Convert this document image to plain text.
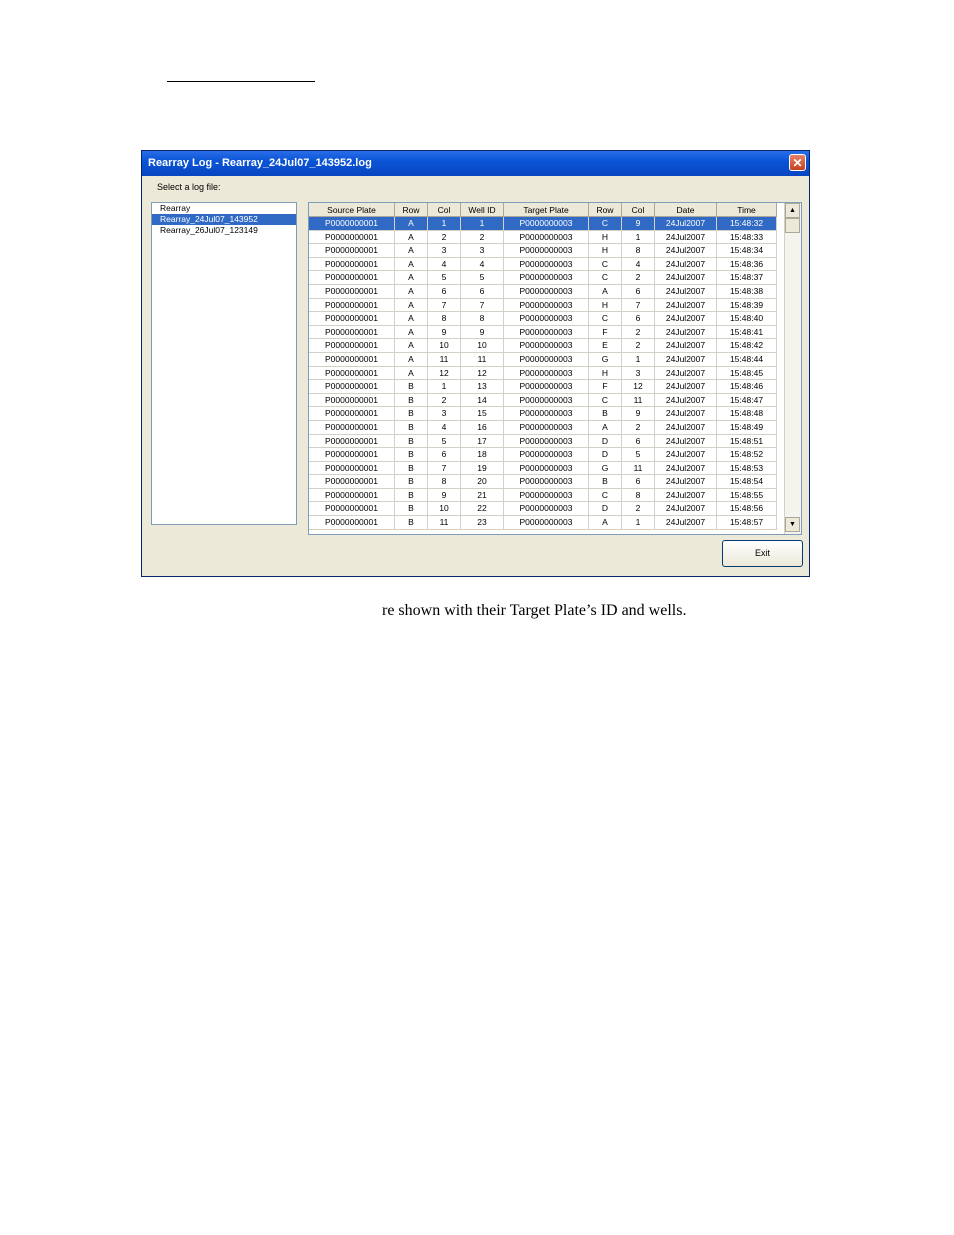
Rearray Log - Rearray_24Jul07_143952.log	✕
Select a log file:
Rearray
Rearray_24Jul07_143952
Rearray_26Jul07_123149
Source Plate	Row	Col	Well ID	Target Plate	Row	Col	Date	Time
P0000000001	A	1	1	P0000000003	C	9	24Jul2007	15:48:32
P0000000001	A	2	2	P0000000003	H	1	24Jul2007	15:48:33
P0000000001	A	3	3	P0000000003	H	8	24Jul2007	15:48:34
P0000000001	A	4	4	P0000000003	C	4	24Jul2007	15:48:36
P0000000001	A	5	5	P0000000003	C	2	24Jul2007	15:48:37
P0000000001	A	6	6	P0000000003	A	6	24Jul2007	15:48:38
P0000000001	A	7	7	P0000000003	H	7	24Jul2007	15:48:39
P0000000001	A	8	8	P0000000003	C	6	24Jul2007	15:48:40
P0000000001	A	9	9	P0000000003	F	2	24Jul2007	15:48:41
P0000000001	A	10	10	P0000000003	E	2	24Jul2007	15:48:42
P0000000001	A	11	11	P0000000003	G	1	24Jul2007	15:48:44
P0000000001	A	12	12	P0000000003	H	3	24Jul2007	15:48:45
P0000000001	B	1	13	P0000000003	F	12	24Jul2007	15:48:46
P0000000001	B	2	14	P0000000003	C	11	24Jul2007	15:48:47
P0000000001	B	3	15	P0000000003	B	9	24Jul2007	15:48:48
P0000000001	B	4	16	P0000000003	A	2	24Jul2007	15:48:49
P0000000001	B	5	17	P0000000003	D	6	24Jul2007	15:48:51
P0000000001	B	6	18	P0000000003	D	5	24Jul2007	15:48:52
P0000000001	B	7	19	P0000000003	G	11	24Jul2007	15:48:53
P0000000001	B	8	20	P0000000003	B	6	24Jul2007	15:48:54
P0000000001	B	9	21	P0000000003	C	8	24Jul2007	15:48:55
P0000000001	B	10	22	P0000000003	D	2	24Jul2007	15:48:56
P0000000001	B	11	23	P0000000003	A	1	24Jul2007	15:48:57
▲
▼
Exit
re shown with their Target Plate’s ID and wells.
